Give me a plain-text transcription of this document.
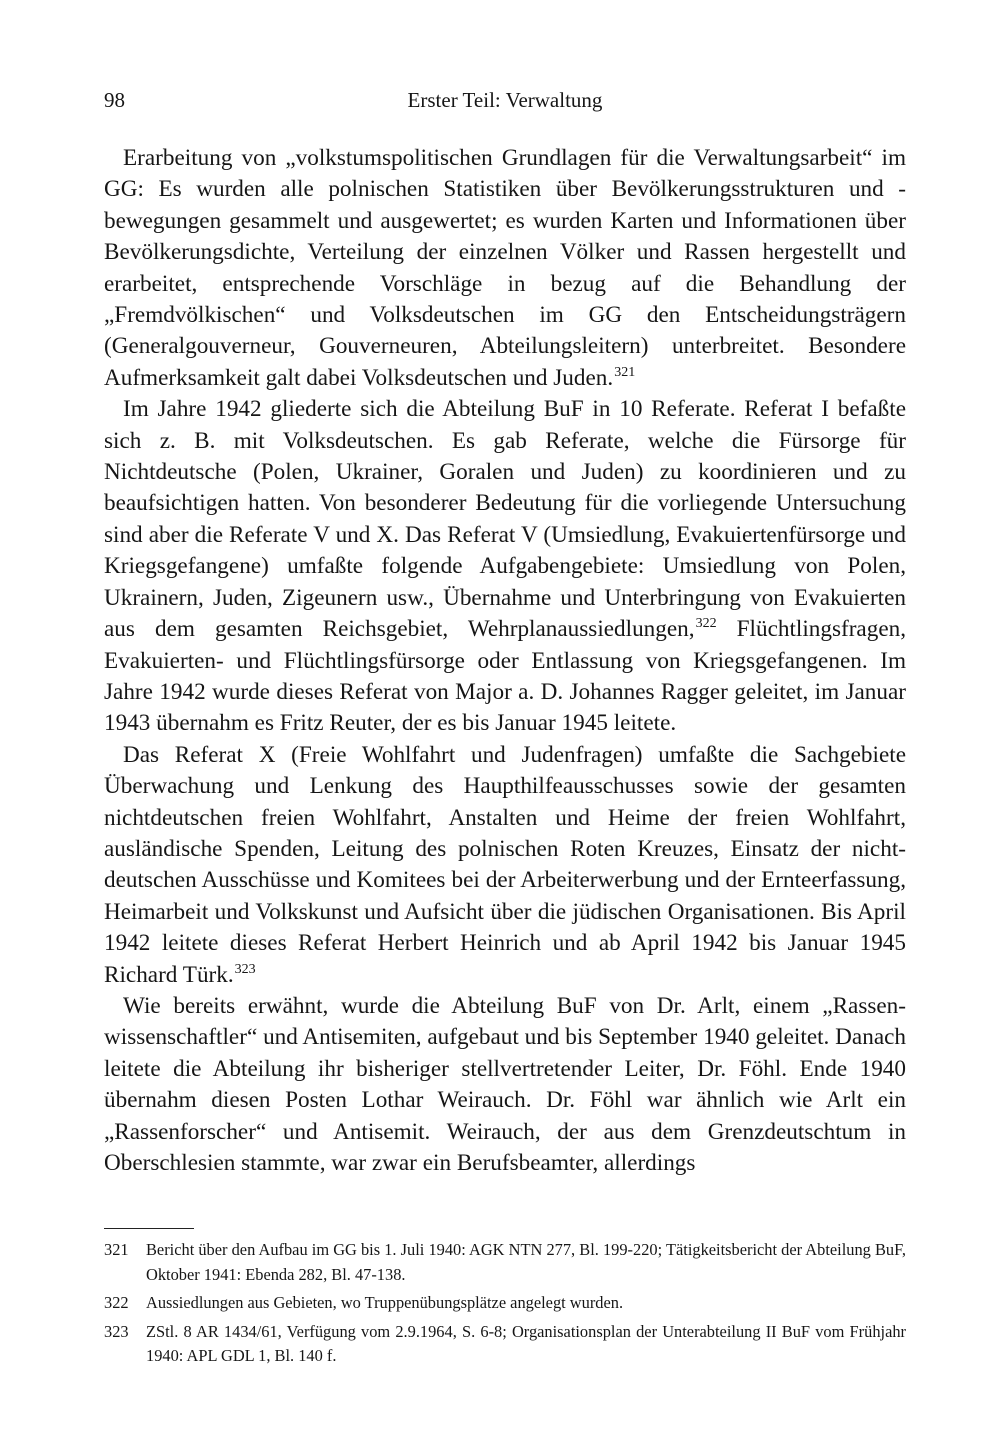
98	Erster Teil: Verwaltung

Erarbeitung von „volkstumspolitischen Grundlagen für die Verwaltungsarbeit“ im GG: Es wurden alle polnischen Statistiken über Bevölkerungsstrukturen und -bewegungen gesammelt und ausgewertet; es wurden Karten und Informationen über Bevölkerungsdichte, Verteilung der einzelnen Völker und Rassen hergestellt und erarbeitet, entsprechende Vorschläge in bezug auf die Behandlung der „Fremdvölkischen“ und Volksdeutschen im GG den Entscheidungsträgern (Generalgouverneur, Gouverneuren, Abteilungsleitern) unterbreitet. Besondere Aufmerksamkeit galt dabei Volksdeutschen und Juden.$^{321}$

Im Jahre 1942 gliederte sich die Abteilung BuF in 10 Referate. Referat I befaßte sich z. B. mit Volksdeutschen. Es gab Referate, welche die Fürsorge für Nichtdeutsche (Polen, Ukrainer, Goralen und Juden) zu koordinieren und zu beaufsichtigen hatten. Von besonderer Bedeutung für die vorliegende Untersuchung sind aber die Referate V und X. Das Referat V (Umsiedlung, Evakuiertenfürsorge und Kriegsgefangene) umfaßte folgende Aufgabengebiete: Umsiedlung von Polen, Ukrainern, Juden, Zigeunern usw., Übernahme und Unterbringung von Evakuierten aus dem gesamten Reichsgebiet, Wehrplanaussiedlungen,$^{322}$ Flüchtlingsfragen, Evakuierten- und Flüchtlingsfürsorge oder Entlassung von Kriegsgefangenen. Im Jahre 1942 wurde dieses Referat von Major a. D. Johannes Ragger geleitet, im Januar 1943 übernahm es Fritz Reuter, der es bis Januar 1945 leitete.

Das Referat X (Freie Wohlfahrt und Judenfragen) umfaßte die Sachgebiete Überwachung und Lenkung des Haupthilfeausschusses sowie der gesamten nichtdeutschen freien Wohlfahrt, Anstalten und Heime der freien Wohlfahrt, ausländische Spenden, Leitung des polnischen Roten Kreuzes, Einsatz der nichtdeutschen Ausschüsse und Komitees bei der Arbeiterwerbung und der Ernteerfassung, Heimarbeit und Volkskunst und Aufsicht über die jüdischen Organisationen. Bis April 1942 leitete dieses Referat Herbert Heinrich und ab April 1942 bis Januar 1945 Richard Türk.$^{323}$

Wie bereits erwähnt, wurde die Abteilung BuF von Dr. Arlt, einem „Rassenwissenschaftler“ und Antisemiten, aufgebaut und bis September 1940 geleitet. Danach leitete die Abteilung ihr bisheriger stellvertretender Leiter, Dr. Föhl. Ende 1940 übernahm diesen Posten Lothar Weirauch. Dr. Föhl war ähnlich wie Arlt ein „Rassenforscher“ und Antisemit. Weirauch, der aus dem Grenzdeutschtum in Oberschlesien stammte, war zwar ein Berufsbeamter, allerdings

321 Bericht über den Aufbau im GG bis 1. Juli 1940: AGK NTN 277, Bl. 199-220; Tätigkeitsbericht der Abteilung BuF, Oktober 1941: Ebenda 282, Bl. 47-138.

322 Aussiedlungen aus Gebieten, wo Truppenübungsplätze angelegt wurden.

323 ZStl. 8 AR 1434/61, Verfügung vom 2.9.1964, S. 6-8; Organisationsplan der Unterabteilung II BuF vom Frühjahr 1940: APL GDL 1, Bl. 140 f.
